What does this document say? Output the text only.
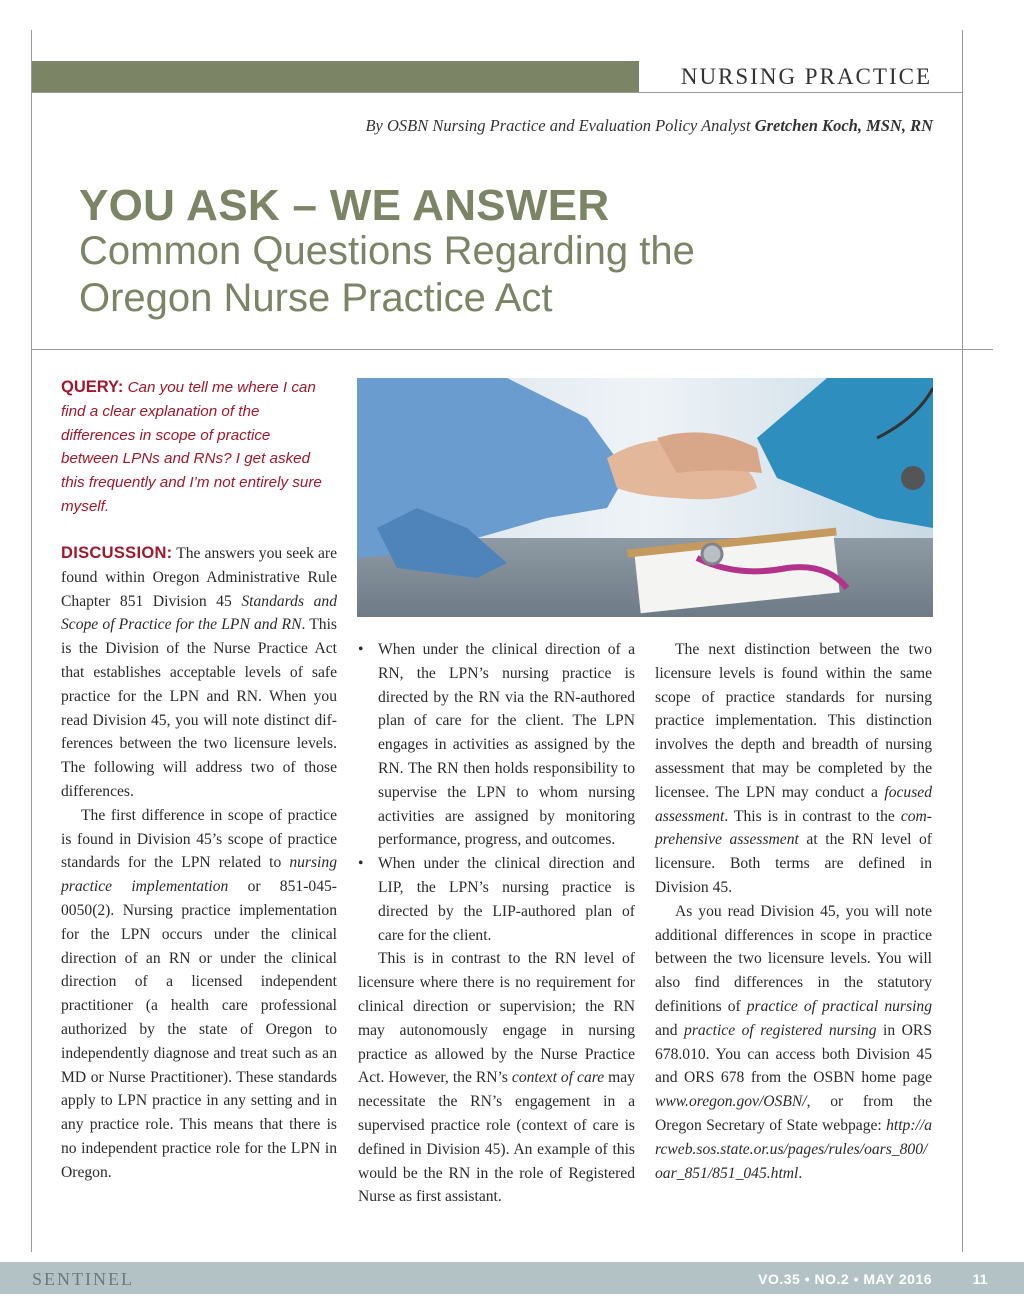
NURSING PRACTICE
By OSBN Nursing Practice and Evaluation Policy Analyst Gretchen Koch, MSN, RN
YOU ASK – WE ANSWER
Common Questions Regarding the
Oregon Nurse Practice Act
QUERY: Can you tell me where I can find a clear explanation of the differences in scope of practice between LPNs and RNs? I get asked this frequently and I’m not entirely sure myself.

DISCUSSION: The answers you seek are found within Oregon Administrative Rule Chapter 851 Division 45 Standards and Scope of Practice for the LPN and RN. This is the Division of the Nurse Practice Act that establishes acceptable levels of safe practice for the LPN and RN. When you read Division 45, you will note distinct differences between the two licensure levels. The following will address two of those differences.

The first difference in scope of practice is found in Division 45’s scope of practice standards for the LPN related to nursing practice implementation or 851-045-0050(2). Nursing practice implementation for the LPN occurs under the clinical direction of an RN or under the clinical direction of a licensed independent practitioner (a health care professional authorized by the state of Oregon to independently diagnose and treat such as an MD or Nurse Practitioner). These standards apply to LPN practice in any setting and in any practice role. This means that there is no independent practice role for the LPN in Oregon.

• When under the clinical direction of a RN, the LPN’s nursing practice is directed by the RN via the RN-authored plan of care for the client. The LPN engages in activities as assigned by the RN. The RN then holds responsibility to supervise the LPN to whom nursing activities are assigned by monitoring performance, progress, and outcomes.
• When under the clinical direction and LIP, the LPN’s nursing practice is directed by the LIP-authored plan of care for the client.

This is in contrast to the RN level of licensure where there is no requirement for clinical direction or supervision; the RN may autonomously engage in nursing practice as allowed by the Nurse Practice Act. However, the RN’s context of care may necessitate the RN’s engagement in a supervised practice role (context of care is defined in Division 45). An example of this would be the RN in the role of Registered Nurse as first assistant.

The next distinction between the two licensure levels is found within the same scope of practice standards for nursing practice implementation. This distinction involves the depth and breadth of nursing assessment that may be completed by the licensee. The LPN may conduct a focused assessment. This is in contrast to the comprehensive assessment at the RN level of licensure. Both terms are defined in Division 45.

As you read Division 45, you will note additional differences in scope in practice between the two licensure levels. You will also find differences in the statutory definitions of practice of practical nursing and practice of registered nursing in ORS 678.010. You can access both Division 45 and ORS 678 from the OSBN home page www.oregon.gov/OSBN/, or from the Oregon Secretary of State webpage: http://arcweb.sos.state.or.us/pages/rules/oars_800/oar_851/851_045.html.

SENTINEL	VO.35 • NO.2 • MAY 2016	11
